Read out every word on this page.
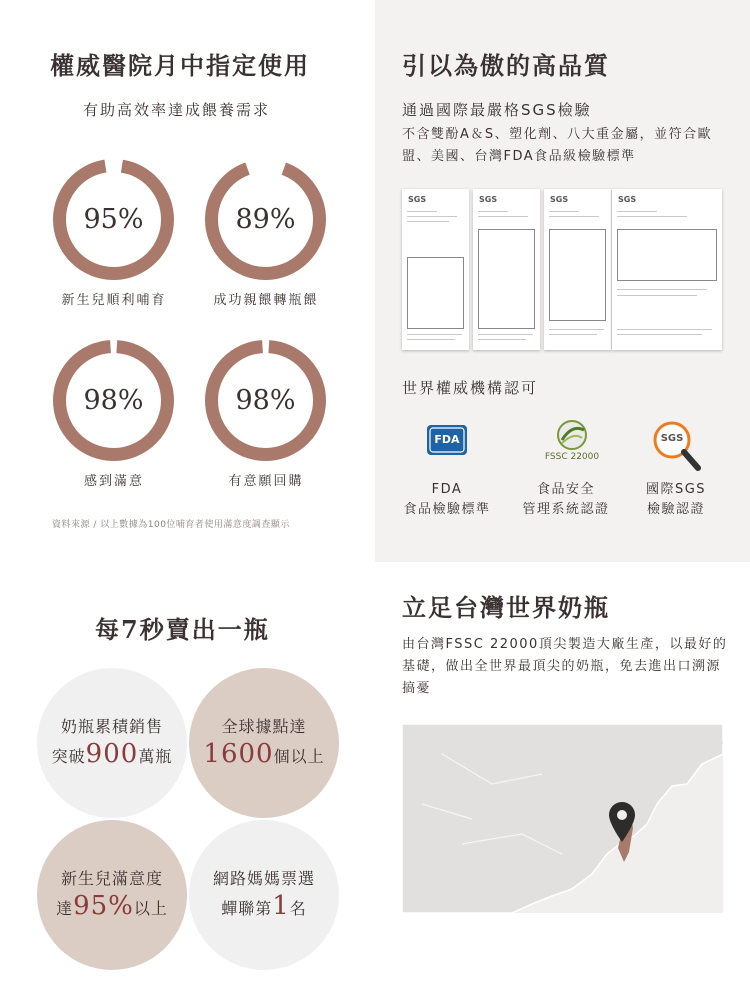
權威醫院月中指定使用
有助高效率達成餵養需求
95%	89%
新生兒順利哺育	成功親餵轉瓶餵
98%	98%
感到滿意	有意願回購
資料來源 / 以上數據為100位哺育者使用滿意度調查顯示
引以為傲的高品質
通過國際最嚴格SGS檢驗
不含雙酚A＆S、塑化劑、八大重金屬，並符合歐盟、美國、台灣FDA食品級檢驗標準
SGS	SGS	SGS	SGS
世界權威機構認可
FDA
FSSC 22000
SGS
FDA
食品檢驗標準
食品安全
管理系統認證
國際SGS
檢驗認證
每7秒賣出一瓶
奶瓶累積銷售
突破900萬瓶
全球據點達
1600個以上
新生兒滿意度
達95%以上
網路媽媽票選
蟬聯第1名
立足台灣世界奶瓶
由台灣FSSC 22000頂尖製造大廠生產，以最好的基礎，做出全世界最頂尖的奶瓶，免去進出口溯源搞憂
